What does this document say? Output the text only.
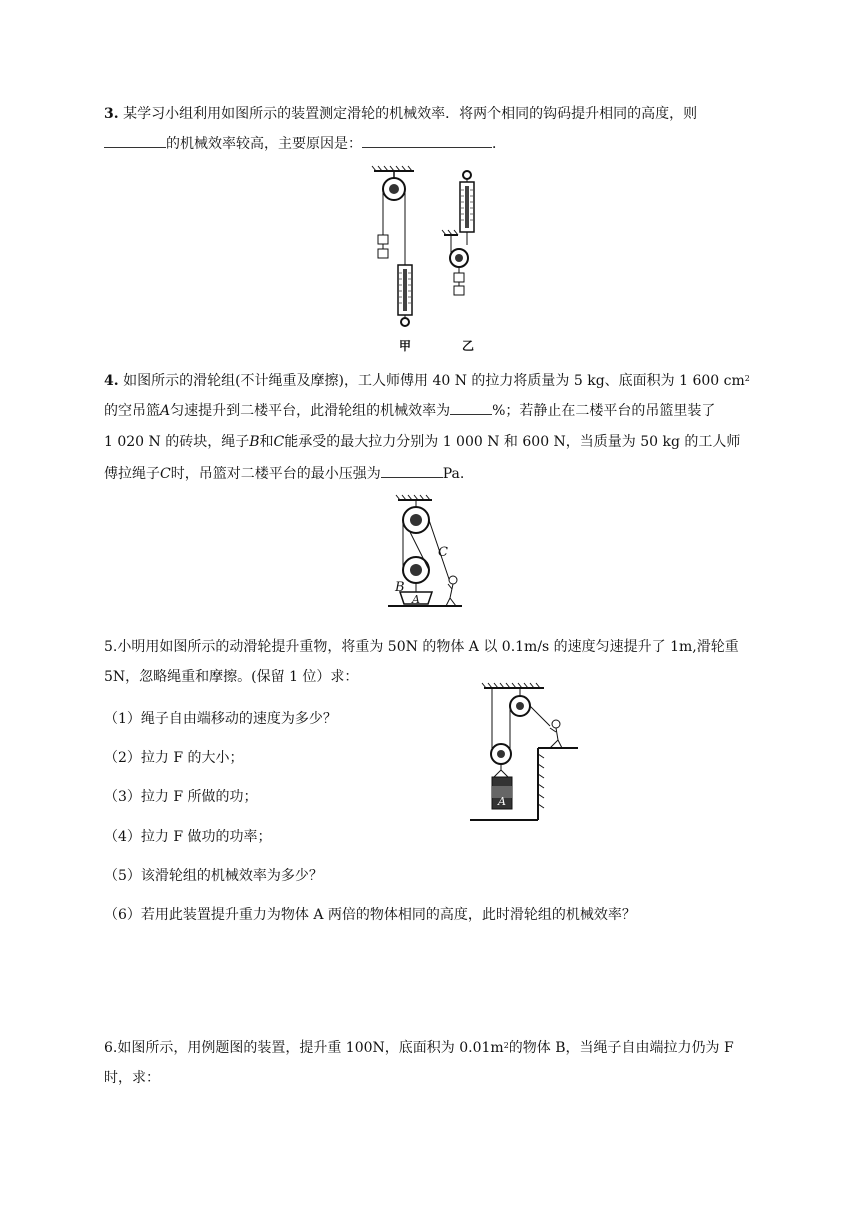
3. 某学习小组利用如图所示的装置测定滑轮的机械效率．将两个相同的钩码提升相同的高度，则
的机械效率较高，主要原因是：	．
甲	乙
4. 如图所示的滑轮组(不计绳重及摩擦)，工人师傅用 40 N 的拉力将质量为 5 kg、底面积为 1 600 $cm^2$
的空吊篮A匀速提升到二楼平台，此滑轮组的机械效率为	%；若静止在二楼平台的吊篮里装了
1 020 N 的砖块，绳子B和C能承受的最大拉力分别为 1 000 N 和 600 N，当质量为 50 kg 的工人师
傅拉绳子C时，吊篮对二楼平台的最小压强为	Pa.
C
B
A
5.小明用如图所示的动滑轮提升重物，将重为 50N 的物体 A 以 0.1m/s 的速度匀速提升了 1m,滑轮重
5N，忽略绳重和摩擦。(保留 1 位）求：
（1）绳子自由端移动的速度为多少？
（2）拉力 F 的大小；
（3）拉力 F 所做的功；
（4）拉力 F 做功的功率；
（5）该滑轮组的机械效率为多少？
（6）若用此装置提升重力为物体 A 两倍的物体相同的高度，此时滑轮组的机械效率？
A
6.如图所示，用例题图的装置，提升重 100N，底面积为 $0.01m^2$的物体 B，当绳子自由端拉力仍为 F
时，求：
